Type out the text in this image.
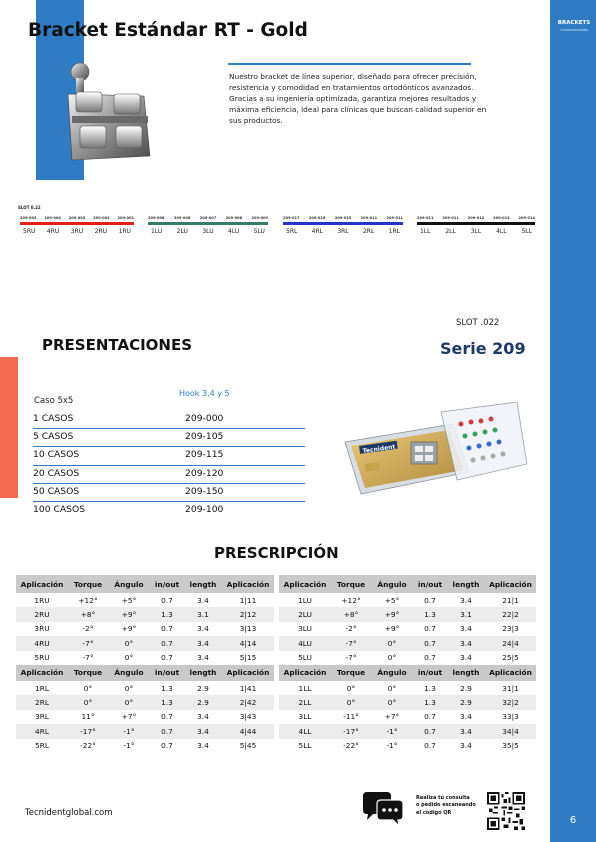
BRACKETS
Convencionales
6
Bracket Estándar RT - Gold
Nuestro bracket de línea superior, diseñado para ofrecer precisión, resistencia y comodidad en tratamientos ortodónticos avanzados. Gracias a su ingeniería optimizada, garantiza mejores resultados y máxima eficiencia, ideal para clínicas que buscan calidad superior en sus productos.
SLOT 0.22
209-005 209-004 209-003 209-002 209-001
5RU 4RU 3RU 2RU 1RU
209-006	209-006	209-007	209-008	209-009
1LU 2LU 3LU 4LU 5LU
209-017	209-016	209-015	209-011	209-011
5RL 4RL 3RL 2RL 1RL
209-011 209-011 209-012 209-013 209-014
1LL 2LL 3LL 4LL 5LL
PRESENTACIONES
SLOT .022
Serie 209
Hook 3,4 y 5
Caso 5x5
1 CASOS	209-000
5 CASOS	209-105
10 CASOS	209-115
20 CASOS	209-120
50 CASOS	209-150
100 CASOS	209-100
Tecnident
PRESCRIPCIÓN
Aplicación	Torque	Ángulo	in/out	length	Aplicación
1RU	+12°	+5°	0.7	3.4	1|11
2RU	+8°	+9°	1.3	3.1	2|12
3RU	-2°	+9°	0.7	3.4	3|13
4RU	-7°	0°	0.7	3.4	4|14
5RU	-7°	0°	0.7	3.4	5|15
Aplicación	Torque	Ángulo	in/out	length	Aplicación
1RL	0°	0°	1.3	2.9	1|41
2RL	0°	0°	1.3	2.9	2|42
3RL	11°	+7°	0.7	3.4	3|43
4RL	-17°	-1°	0.7	3.4	4|44
5RL	-22°	-1°	0.7	3.4	5|45
Aplicación	Torque	Ángulo	in/out	length	Aplicación
1LU	+12°	+5°	0.7	3.4	21|1
2LU	+8°	+9°	1.3	3.1	22|2
3LU	-2°	+9°	0.7	3.4	23|3
4LU	-7°	0°	0.7	3.4	24|4
5LU	-7°	0°	0.7	3.4	25|5
Aplicación	Torque	Ángulo	in/out	length	Aplicación
1LL	0°	0°	1.3	2.9	31|1
2LL	0°	0°	1.3	2.9	32|2
3LL	-11°	+7°	0.7	3.4	33|3
4LL	-17°	-1°	0.7	3.4	34|4
5LL	-22°	-1°	0.7	3.4	35|5
Tecnidentglobal.com
Realiza tú consulta
o pedido escaneando
el código QR
